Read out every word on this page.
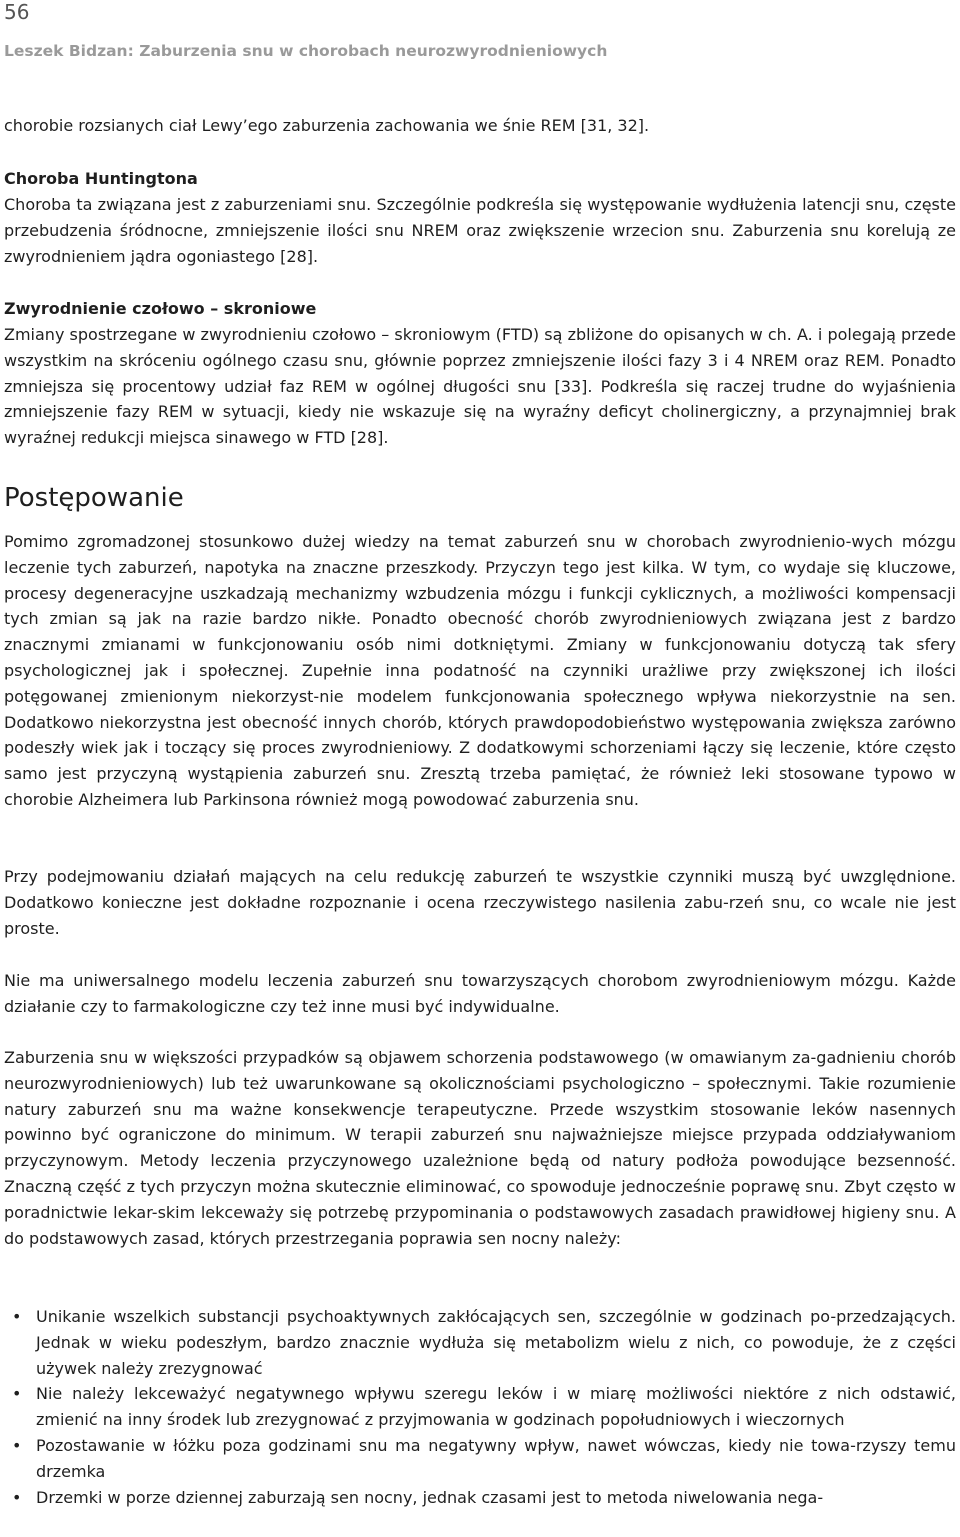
56
Leszek Bidzan: Zaburzenia snu w chorobach neurozwyrodnieniowych
chorobie rozsianych ciał Lewy’ego zaburzenia zachowania we śnie REM [31, 32].
Choroba Huntingtona
Choroba ta związana jest z zaburzeniami snu. Szczególnie podkreśla się występowanie wydłużenia latencji snu, częste przebudzenia śródnocne, zmniejszenie ilości snu NREM oraz zwiększenie wrzecion snu. Zaburzenia snu korelują ze zwyrodnieniem jądra ogoniastego [28].
Zwyrodnienie czołowo – skroniowe
Zmiany spostrzegane w zwyrodnieniu czołowo – skroniowym (FTD) są zbliżone do opisanych w ch. A. i polegają przede wszystkim na skróceniu ogólnego czasu snu, głównie poprzez zmniejszenie ilości fazy 3 i 4 NREM oraz REM. Ponadto zmniejsza się procentowy udział faz REM w ogólnej długości snu [33]. Podkreśla się raczej trudne do wyjaśnienia zmniejszenie fazy REM w sytuacji, kiedy nie wskazuje się na wyraźny deficyt cholinergiczny, a przynajmniej brak wyraźnej redukcji miejsca sinawego w FTD [28].
Postępowanie
Pomimo zgromadzonej stosunkowo dużej wiedzy na temat zaburzeń snu w chorobach zwyrodnienio-wych mózgu leczenie tych zaburzeń, napotyka na znaczne przeszkody. Przyczyn tego jest kilka. W tym, co wydaje się kluczowe, procesy degeneracyjne uszkadzają mechanizmy wzbudzenia mózgu i funkcji cyklicznych, a możliwości kompensacji tych zmian są jak na razie bardzo nikłe. Ponadto obecność chorób zwyrodnieniowych związana jest z bardzo znacznymi zmianami w funkcjonowaniu osób nimi dotkniętymi. Zmiany w funkcjonowaniu dotyczą tak sfery psychologicznej jak i społecznej. Zupełnie inna podatność na czynniki urażliwe przy zwiększonej ich ilości potęgowanej zmienionym niekorzyst-nie modelem funkcjonowania społecznego wpływa niekorzystnie na sen. Dodatkowo niekorzystna jest obecność innych chorób, których prawdopodobieństwo występowania zwiększa zarówno podeszły wiek jak i toczący się proces zwyrodnieniowy. Z dodatkowymi schorzeniami łączy się leczenie, które często samo jest przyczyną wystąpienia zaburzeń snu. Zresztą trzeba pamiętać, że również leki stosowane typowo w chorobie Alzheimera lub Parkinsona również mogą powodować zaburzenia snu.
Przy podejmowaniu działań mających na celu redukcję zaburzeń te wszystkie czynniki muszą być uwzględnione. Dodatkowo konieczne jest dokładne rozpoznanie i ocena rzeczywistego nasilenia zabu-rzeń snu, co wcale nie jest proste.
Nie ma uniwersalnego modelu leczenia zaburzeń snu towarzyszących chorobom zwyrodnieniowym mózgu. Każde działanie czy to farmakologiczne czy też inne musi być indywidualne.
Zaburzenia snu w większości przypadków są objawem schorzenia podstawowego (w omawianym za-gadnieniu chorób neurozwyrodnieniowych) lub też uwarunkowane są okolicznościami psychologiczno – społecznymi. Takie rozumienie natury zaburzeń snu ma ważne konsekwencje terapeutyczne. Przede wszystkim stosowanie leków nasennych powinno być ograniczone do minimum. W terapii zaburzeń snu najważniejsze miejsce przypada oddziaływaniom przyczynowym. Metody leczenia przyczynowego uzależnione będą od natury podłoża powodujące bezsenność. Znaczną część z tych przyczyn można skutecznie eliminować, co spowoduje jednocześnie poprawę snu. Zbyt często w poradnictwie lekar-skim lekceważy się potrzebę przypominania o podstawowych zasadach prawidłowej higieny snu. A do podstawowych zasad, których przestrzegania poprawia sen nocny należy:
• Unikanie wszelkich substancji psychoaktywnych zakłócających sen, szczególnie w godzinach po-przedzających. Jednak w wieku podeszłym, bardzo znacznie wydłuża się metabolizm wielu z nich, co powoduje, że z części używek należy zrezygnować
• Nie należy lekceważyć negatywnego wpływu szeregu leków i w miarę możliwości niektóre z nich odstawić, zmienić na inny środek lub zrezygnować z przyjmowania w godzinach popołudniowych i wieczornych
• Pozostawanie w łóżku poza godzinami snu ma negatywny wpływ, nawet wówczas, kiedy nie towa-rzyszy temu drzemka
• Drzemki w porze dziennej zaburzają sen nocny, jednak czasami jest to metoda niwelowania nega-
